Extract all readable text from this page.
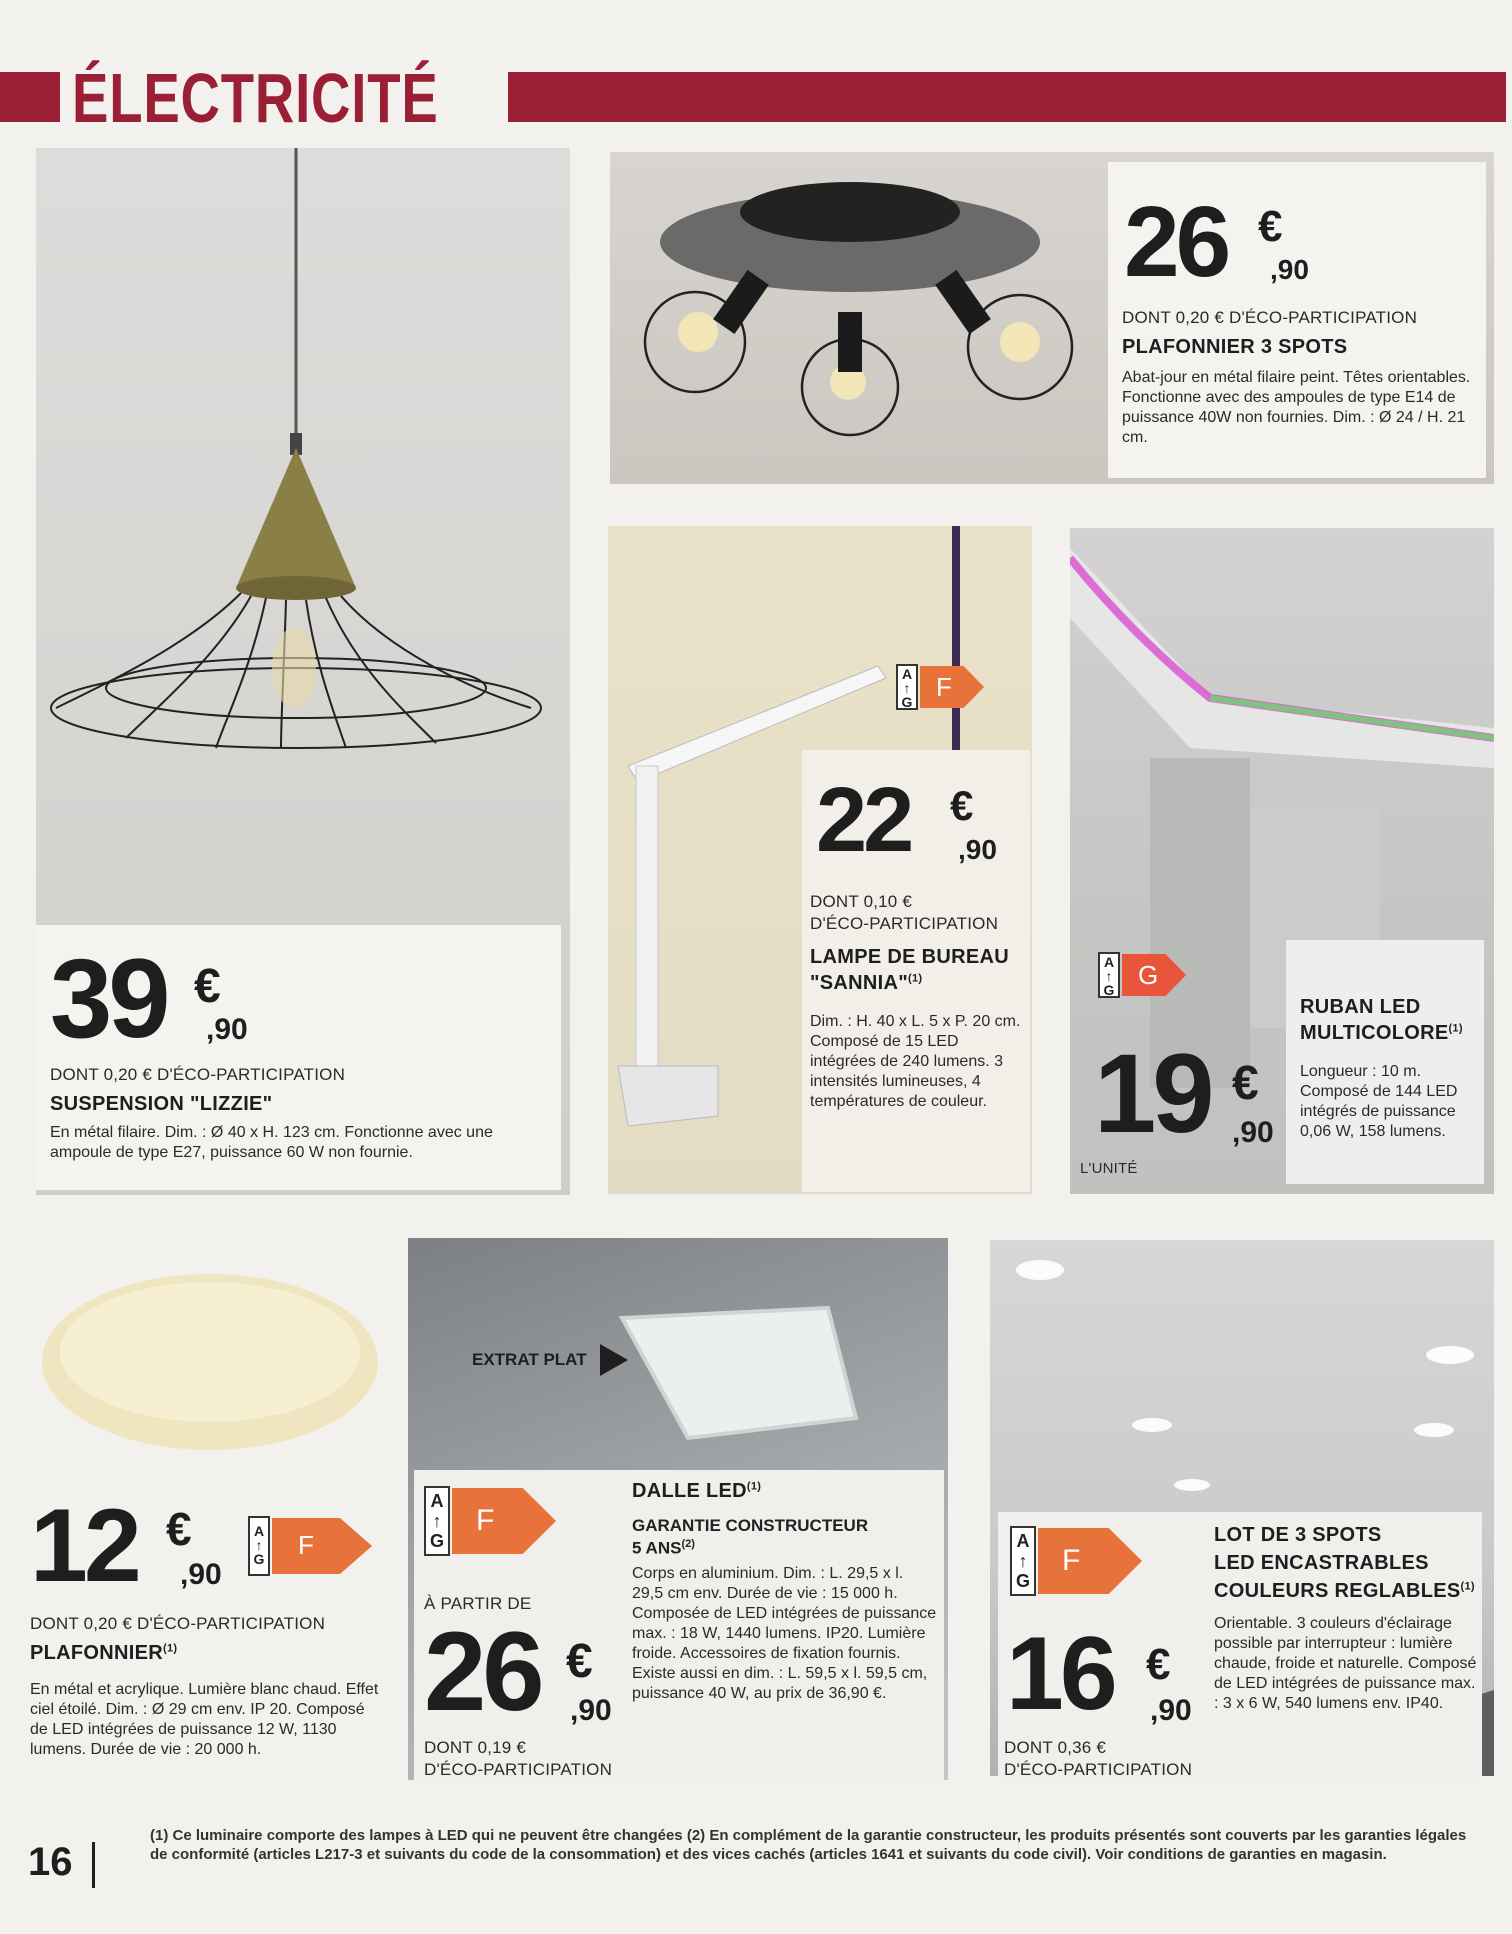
ÉLECTRICITÉ
39 €
,90
DONT 0,20 € D'ÉCO-PARTICIPATION
SUSPENSION "LIZZIE"
En métal filaire. Dim. : Ø 40 x H. 123 cm. Fonctionne avec une ampoule de type E27, puissance 60 W non fournie.
26 €
,90
DONT 0,20 € D'ÉCO-PARTICIPATION
PLAFONNIER 3 SPOTS
Abat-jour en métal filaire peint. Têtes orientables. Fonctionne avec des ampoules de type E14 de puissance 40W non fournies. Dim. : Ø 24 / H. 21 cm.
A
↑
G F
22 €
,90
DONT 0,10 €
D'ÉCO-PARTICIPATION
LAMPE DE BUREAU
"SANNIA"$^{(1)}$
Dim. : H. 40 x L. 5 x P. 20 cm. Composé de 15 LED intégrées de 240 lumens. 3 intensités lumineuses, 4 températures de couleur.
A
↑
G G
RUBAN LED
MULTICOLORE$^{(1)}$
Longueur : 10 m. Composé de 144 LED intégrés de puissance 0,06 W, 158 lumens.
19 €
,90
L'UNITÉ
12 €
,90
A
↑
G F
DONT 0,20 € D'ÉCO-PARTICIPATION
PLAFONNIER$^{(1)}$
En métal et acrylique. Lumière blanc chaud. Effet ciel étoilé. Dim. : Ø 29 cm env. IP 20. Composé de LED intégrées de puissance 12 W, 1130 lumens. Durée de vie : 20 000 h.
EXTRAT PLAT
A
↑
G
F
À PARTIR DE
26 €
,90
DONT 0,19 €
D'ÉCO-PARTICIPATION
DALLE LED$^{(1)}$
GARANTIE CONSTRUCTEUR
5 ANS$^{(2)}$
Corps en aluminium. Dim. : L. 29,5 x l. 29,5 cm env. Durée de vie : 15 000 h. Composée de LED intégrées de puissance max. : 18 W, 1440 lumens. IP20. Lumière froide. Accessoires de fixation fournis. Existe aussi en dim. : L. 59,5 x l. 59,5 cm, puissance 40 W, au prix de 36,90 €.
A
↑
G
F
LOT DE 3 SPOTS
LED ENCASTRABLES
COULEURS REGLABLES$^{(1)}$
Orientable. 3 couleurs d'éclairage possible par interrupteur : lumière chaude, froide et naturelle. Composé de LED intégrées de puissance max. : 3 x 6 W, 540 lumens env. IP40.
16 €
,90
DONT 0,36 €
D'ÉCO-PARTICIPATION
16
(1) Ce luminaire comporte des lampes à LED qui ne peuvent être changées (2) En complément de la garantie constructeur, les produits présentés sont couverts par les garanties légales de conformité (articles L217-3 et suivants du code de la consommation) et des vices cachés (articles 1641 et suivants du code civil). Voir conditions de garanties en magasin.
